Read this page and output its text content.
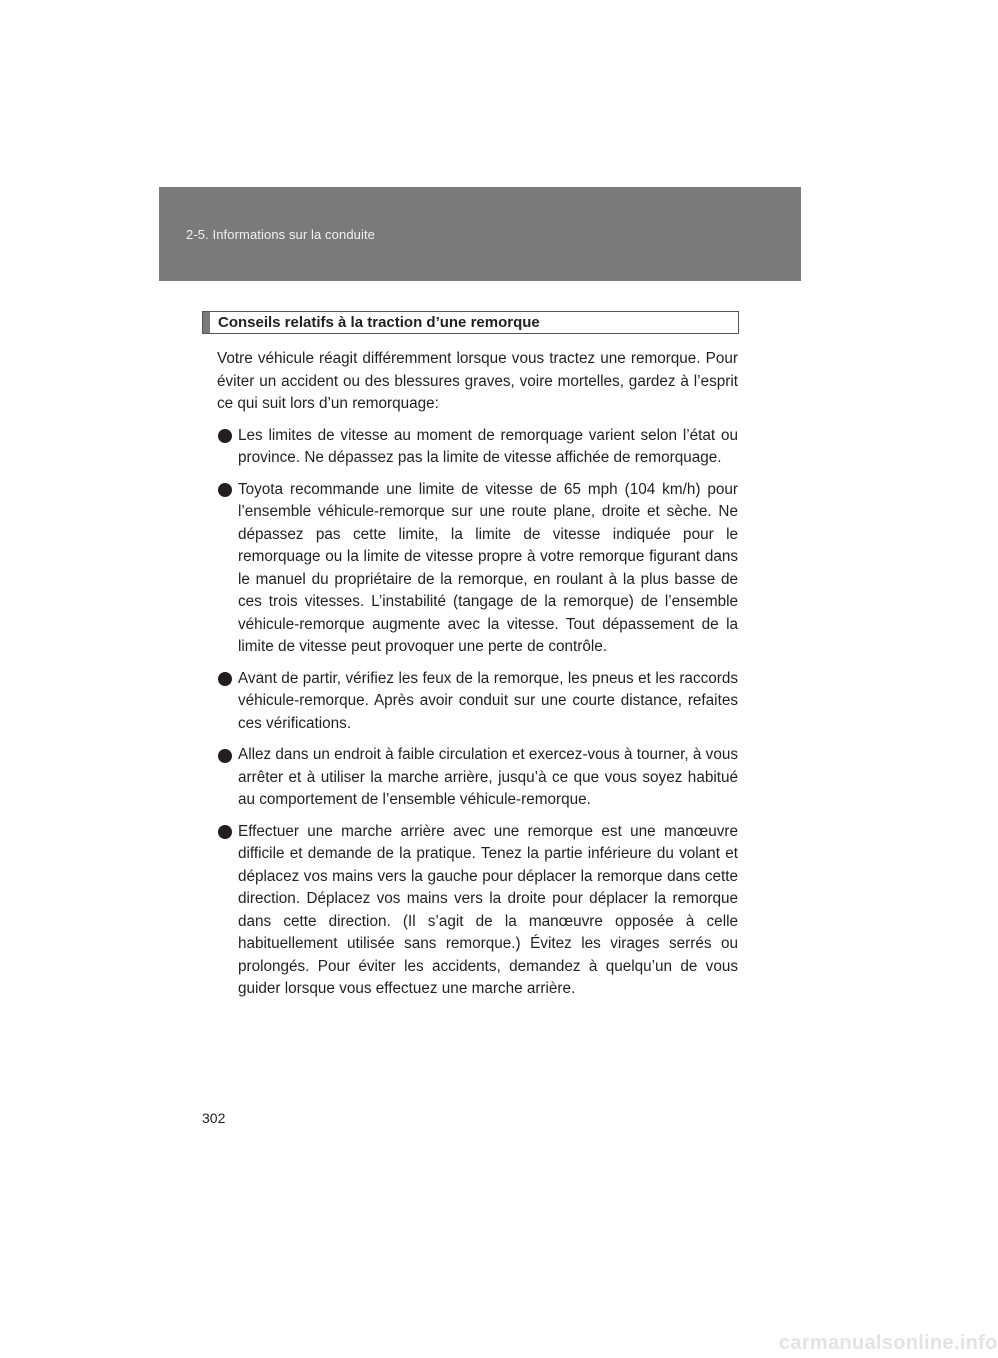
2-5. Informations sur la conduite
Conseils relatifs à la traction d’une remorque

Votre véhicule réagit différemment lorsque vous tractez une remorque. Pour éviter un accident ou des blessures graves, voire mortelles, gardez à l’esprit ce qui suit lors d’un remorquage:

Les limites de vitesse au moment de remorquage varient selon l’état ou province. Ne dépassez pas la limite de vitesse affichée de remorquage.

Toyota recommande une limite de vitesse de 65 mph (104 km/h) pour l’ensemble véhicule-remorque sur une route plane, droite et sèche. Ne dépassez pas cette limite, la limite de vitesse indiquée pour le remorquage ou la limite de vitesse propre à votre remorque figurant dans le manuel du propriétaire de la remorque, en roulant à la plus basse de ces trois vitesses. L’instabilité (tangage de la remorque) de l’ensemble véhicule-remorque augmente avec la vitesse. Tout dépassement de la limite de vitesse peut provoquer une perte de contrôle.

Avant de partir, vérifiez les feux de la remorque, les pneus et les raccords véhicule-remorque. Après avoir conduit sur une courte distance, refaites ces vérifications.

Allez dans un endroit à faible circulation et exercez-vous à tourner, à vous arrêter et à utiliser la marche arrière, jusqu’à ce que vous soyez habitué au comportement de l’ensemble véhicule-remorque.

Effectuer une marche arrière avec une remorque est une manœuvre difficile et demande de la pratique. Tenez la partie inférieure du volant et déplacez vos mains vers la gauche pour déplacer la remorque dans cette direction. Déplacez vos mains vers la droite pour déplacer la remorque dans cette direction. (Il s’agit de la manœuvre opposée à celle habituellement utilisée sans remorque.) Évitez les virages serrés ou prolongés. Pour éviter les accidents, demandez à quelqu’un de vous guider lorsque vous effectuez une marche arrière.

302
carmanualsonline.info
